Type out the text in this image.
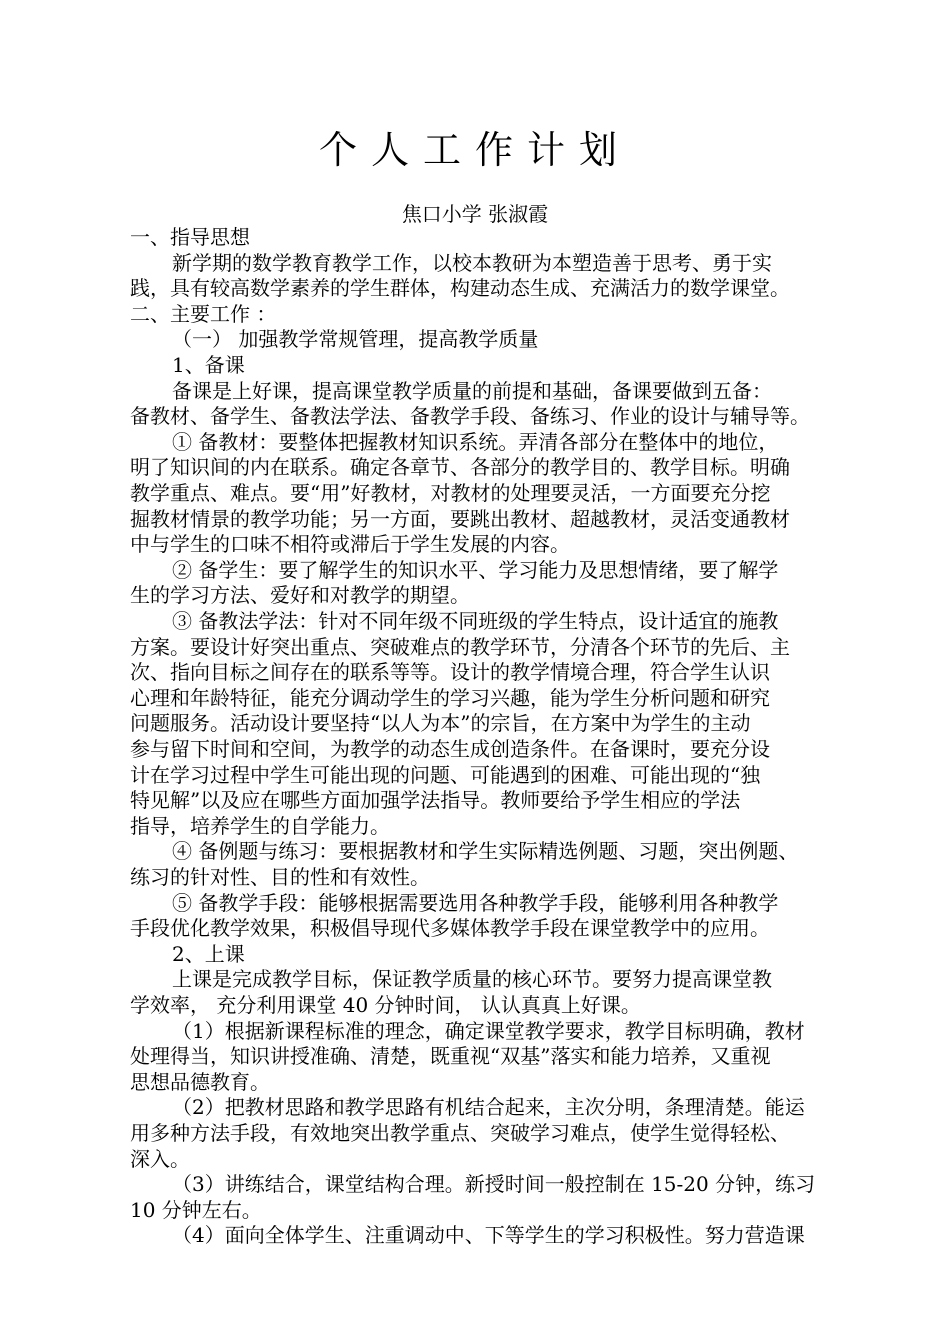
个人工作计划
焦口小学 张淑霞
一、指导思想
新学期的数学教育教学工作，以校本教研为本塑造善于思考、勇于实
践，具有较高数学素养的学生群体，构建动态生成、充满活力的数学课堂。
二、主要工作 ：
（一） 加强教学常规管理，提高教学质量
1、备课
备课是上好课，提高课堂教学质量的前提和基础，备课要做到五备：
备教材、备学生、备教法学法、备教学手段、备练习、作业的设计与辅导等。
① 备教材：要整体把握教材知识系统。弄清各部分在整体中的地位，
明了知识间的内在联系。确定各章节、各部分的教学目的、教学目标。明确
教学重点、难点。要“用”好教材，对教材的处理要灵活，一方面要充分挖
掘教材情景的教学功能；另一方面，要跳出教材、超越教材，灵活变通教材
中与学生的口味不相符或滞后于学生发展的内容。
② 备学生：要了解学生的知识水平、学习能力及思想情绪，要了解学
生的学习方法、爱好和对教学的期望。
③ 备教法学法：针对不同年级不同班级的学生特点，设计适宜的施教
方案。要设计好突出重点、突破难点的教学环节，分清各个环节的先后、主
次、指向目标之间存在的联系等等。设计的教学情境合理，符合学生认识
心理和年龄特征，能充分调动学生的学习兴趣，能为学生分析问题和研究
问题服务。活动设计要坚持“以人为本”的宗旨，在方案中为学生的主动
参与留下时间和空间，为教学的动态生成创造条件。在备课时，要充分设
计在学习过程中学生可能出现的问题、可能遇到的困难、可能出现的“独
特见解”以及应在哪些方面加强学法指导。教师要给予学生相应的学法
指导，培养学生的自学能力。
④ 备例题与练习：要根据教材和学生实际精选例题、习题，突出例题、
练习的针对性、目的性和有效性。
⑤ 备教学手段：能够根据需要选用各种教学手段，能够利用各种教学
手段优化教学效果，积极倡导现代多媒体教学手段在课堂教学中的应用。
2、上课
上课是完成教学目标，保证教学质量的核心环节。要努力提高课堂教
学效率， 充分利用课堂 40 分钟时间， 认认真真上好课。
（1）根据新课程标准的理念，确定课堂教学要求，教学目标明确，教材
处理得当，知识讲授准确、清楚，既重视“双基”落实和能力培养，又重视
思想品德教育。
（2）把教材思路和教学思路有机结合起来，主次分明，条理清楚。能运
用多种方法手段，有效地突出教学重点、突破学习难点，使学生觉得轻松、
深入。
（3）讲练结合，课堂结构合理。新授时间一般控制在 15-20 分钟，练习
10 分钟左右。
（4）面向全体学生、注重调动中、下等学生的学习积极性。努力营造课
